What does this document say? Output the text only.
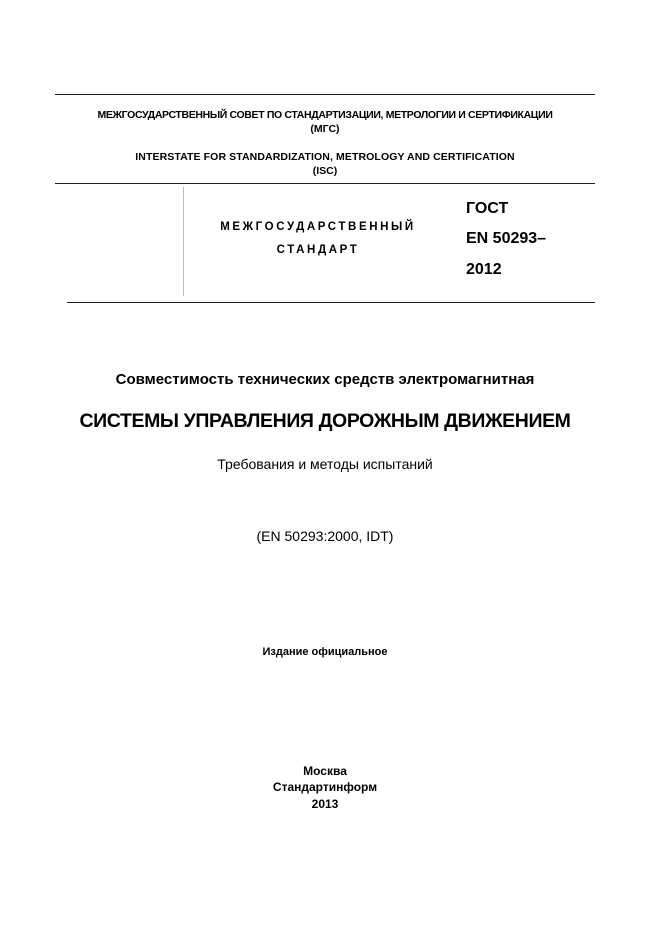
МЕЖГОСУДАРСТВЕННЫЙ СОВЕТ ПО СТАНДАРТИЗАЦИИ, МЕТРОЛОГИИ И СЕРТИФИКАЦИИ
(МГС)
INTERSTATE FOR STANDARDIZATION, METROLOGY AND CERTIFICATION
(ISC)
МЕЖГОСУДАРСТВЕННЫЙ
СТАНДАРТ
ГОСТ
EN 50293–
2012
Совместимость технических средств электромагнитная
СИСТЕМЫ УПРАВЛЕНИЯ ДОРОЖНЫМ ДВИЖЕНИЕМ
Требования и методы испытаний
(EN 50293:2000, IDT)
Издание официальное
Москва
Стандартинформ
2013
